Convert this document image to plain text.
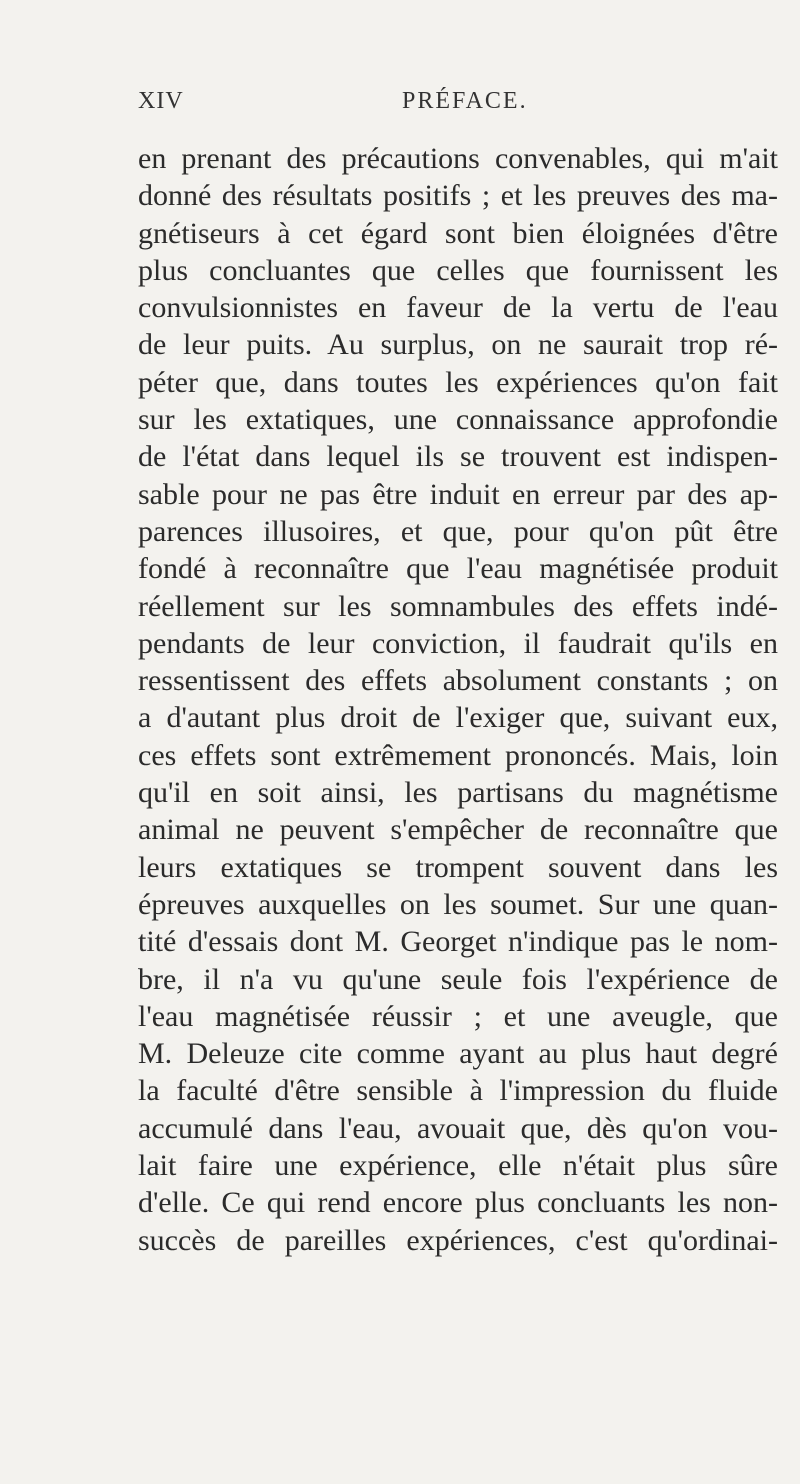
XIV	PRÉFACE.
en prenant des précautions convenables, qui m'ait
donné des résultats positifs ; et les preuves des ma-
gnétiseurs à cet égard sont bien éloignées d'être
plus concluantes que celles que fournissent les
convulsionnistes en faveur de la vertu de l'eau
de leur puits. Au surplus, on ne saurait trop ré-
péter que, dans toutes les expériences qu'on fait
sur les extatiques, une connaissance approfondie
de l'état dans lequel ils se trouvent est indispen-
sable pour ne pas être induit en erreur par des ap-
parences illusoires, et que, pour qu'on pût être
fondé à reconnaître que l'eau magnétisée produit
réellement sur les somnambules des effets indé-
pendants de leur conviction, il faudrait qu'ils en
ressentissent des effets absolument constants ; on
a d'autant plus droit de l'exiger que, suivant eux,
ces effets sont extrêmement prononcés. Mais, loin
qu'il en soit ainsi, les partisans du magnétisme
animal ne peuvent s'empêcher de reconnaître que
leurs extatiques se trompent souvent dans les
épreuves auxquelles on les soumet. Sur une quan-
tité d'essais dont M. Georget n'indique pas le nom-
bre, il n'a vu qu'une seule fois l'expérience de
l'eau magnétisée réussir ; et une aveugle, que
M. Deleuze cite comme ayant au plus haut degré
la faculté d'être sensible à l'impression du fluide
accumulé dans l'eau, avouait que, dès qu'on vou-
lait faire une expérience, elle n'était plus sûre
d'elle. Ce qui rend encore plus concluants les non-
succès de pareilles expériences, c'est qu'ordinai-
